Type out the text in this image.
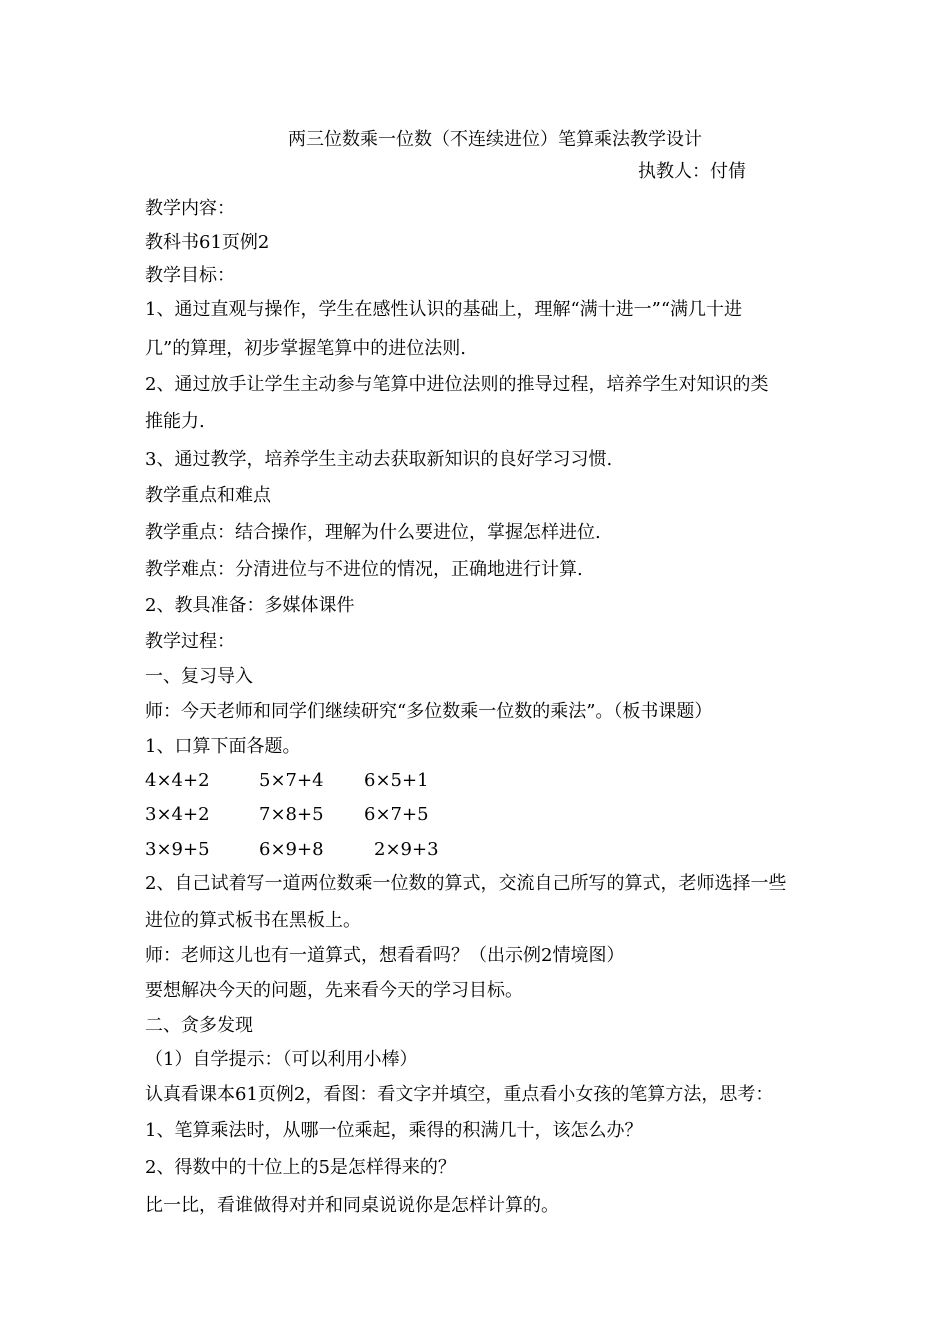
两三位数乘一位数（不连续进位）笔算乘法教学设计
执教人：付倩
教学内容：
教科书61页例2
教学目标：
1、通过直观与操作，学生在感性认识的基础上，理解“满十进一”“满几十进
几”的算理，初步掌握笔算中的进位法则.
2、通过放手让学生主动参与笔算中进位法则的推导过程，培养学生对知识的类
推能力.
3、通过教学，培养学生主动去获取新知识的良好学习习惯.
教学重点和难点
教学重点：结合操作，理解为什么要进位，掌握怎样进位.
教学难点：分清进位与不进位的情况，正确地进行计算.
2、教具准备：多媒体课件
教学过程：
一、复习导入
师：今天老师和同学们继续研究“多位数乘一位数的乘法”。（板书课题）
1、口算下面各题。
4×4+2	5×7+4 6×5+1
3×4+2	7×8+5 6×7+5
3×9+5	6×9+8	2×9+3
2、自己试着写一道两位数乘一位数的算式，交流自己所写的算式，老师选择一些
进位的算式板书在黑板上。
师：老师这儿也有一道算式，想看看吗？（出示例2情境图）
要想解决今天的问题，先来看今天的学习目标。
二、贪多发现
（1）自学提示：（可以利用小棒）
认真看课本61页例2，看图：看文字并填空，重点看小女孩的笔算方法，思考：
1、笔算乘法时，从哪一位乘起，乘得的积满几十，该怎么办？
2、得数中的十位上的5是怎样得来的？
比一比，看谁做得对并和同桌说说你是怎样计算的。
